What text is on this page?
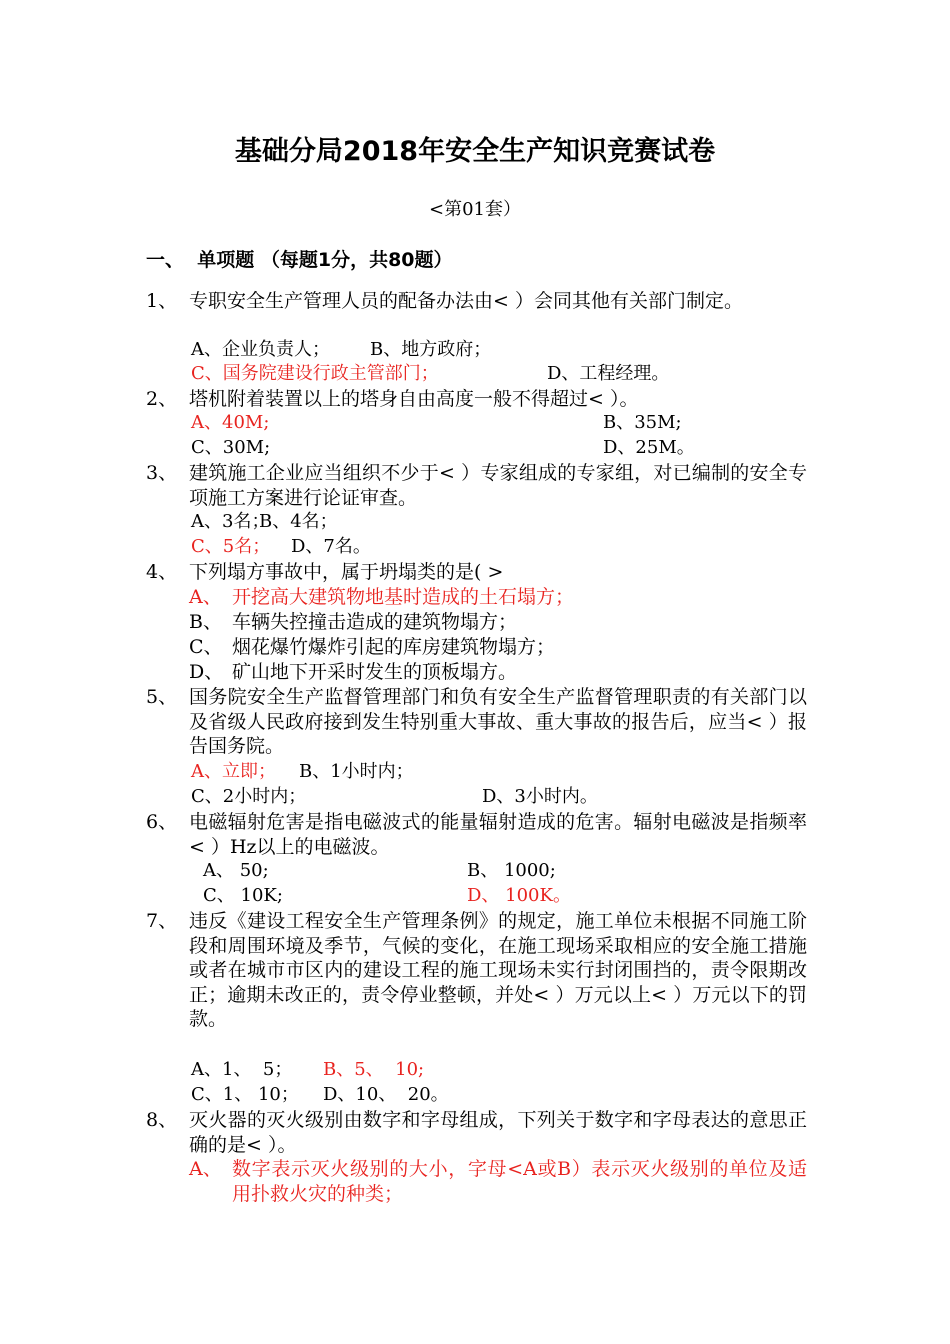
基础分局2018年安全生产知识竞赛试卷
<第01套）
一、  单项题 （每题1分，共80题）
1、 专职安全生产管理人员的配备办法由< ）会同其他有关部门制定。
A、企业负责人； B、地方政府；
C、国务院建设行政主管部门；	D、工程经理。
2、 塔机附着装置以上的塔身自由高度一般不得超过< ）。
A、40M;	B、35M;
C、30M;	D、25M。
3、 建筑施工企业应当组织不少于< ）专家组成的专家组，对已编制的安全专项施工方案进行论证审查。
A、3名；
B、4名；
C、5名； D、7名。
4、 下列塌方事故中，属于坍塌类的是( >
A、 开挖高大建筑物地基时造成的土石塌方；
B、 车辆失控撞击造成的建筑物塌方；
C、 烟花爆竹爆炸引起的库房建筑物塌方；
D、 矿山地下开采时发生的顶板塌方。
5、 国务院安全生产监督管理部门和负有安全生产监督管理职责的有关部门以及省级人民政府接到发生特别重大事故、重大事故的报告后，应当< ）报告国务院。
A、立即； B、1小时内；
C、2小时内；	D、3小时内。
6、 电磁辐射危害是指电磁波式的能量辐射造成的危害。辐射电磁波是指频率< ）Hz以上的电磁波。
A、 50;	B、 1000;
C、 10K;	D、 100K。
7、 违反《建设工程安全生产管理条例》的规定，施工单位未根据不同施工阶段和周围环境及季节，气候的变化，在施工现场采取相应的安全施工措施或者在城市市区内的建设工程的施工现场未实行封闭围挡的，责令限期改正；逾期未改正的，责令停业整顿，并处< ）万元以上< ）万元以下的罚款。
A、1、  5； B、5、  10;
C、1、 10； D、10、  20。
8、 灭火器的灭火级别由数字和字母组成，下列关于数字和字母表达的意思正确的是< ）。
A、 数字表示灭火级别的大小，字母<A或B）表示灭火级别的单位及适用扑救火灾的种类；
